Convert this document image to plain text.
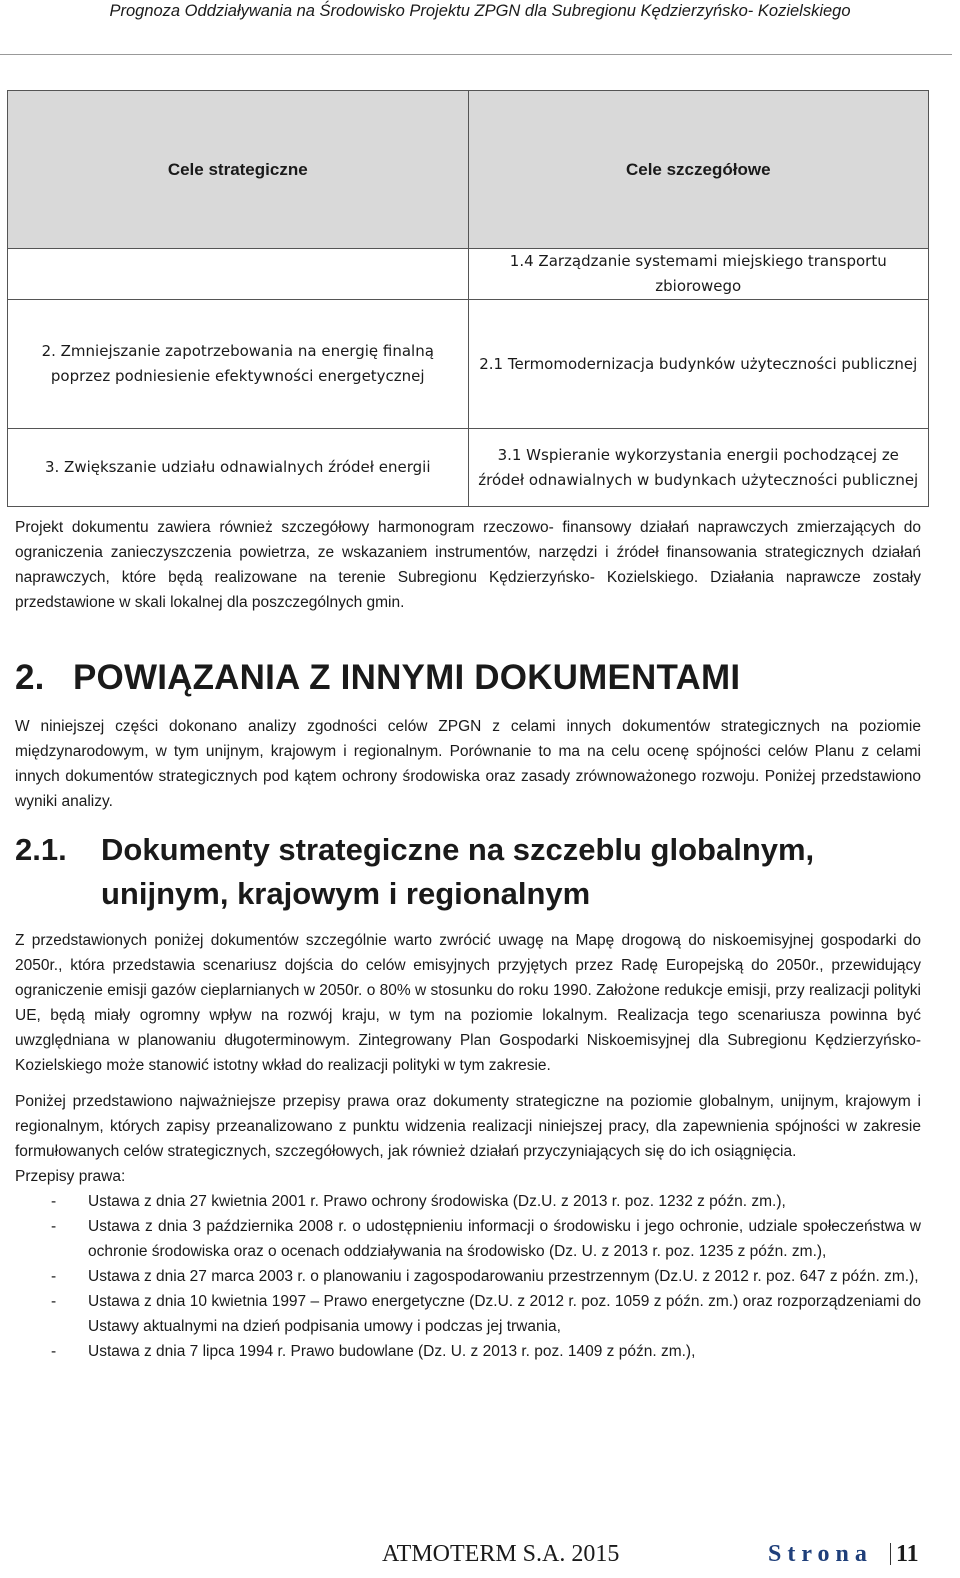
Prognoza Oddziaływania na Środowisko Projektu ZPGN dla Subregionu Kędzierzyńsko- Kozielskiego
Cele strategiczne	Cele szczegółowe
	1.4 Zarządzanie systemami miejskiego transportu zbiorowego
2. Zmniejszanie zapotrzebowania na energię finalną poprzez podniesienie efektywności energetycznej	2.1 Termomodernizacja budynków użyteczności publicznej
3. Zwiększanie udziału odnawialnych źródeł energii	3.1 Wspieranie wykorzystania energii pochodzącej ze źródeł odnawialnych w budynkach użyteczności publicznej

Projekt dokumentu zawiera również szczegółowy harmonogram rzeczowo- finansowy działań naprawczych zmierzających do ograniczenia zanieczyszczenia powietrza, ze wskazaniem instrumentów, narzędzi i źródeł finansowania strategicznych działań naprawczych, które będą realizowane na terenie Subregionu Kędzierzyńsko- Kozielskiego. Działania naprawcze zostały przedstawione w skali lokalnej dla poszczególnych gmin.

2. POWIĄZANIA Z INNYMI DOKUMENTAMI

W niniejszej części dokonano analizy zgodności celów ZPGN z celami innych dokumentów strategicznych na poziomie międzynarodowym, w tym unijnym, krajowym i regionalnym. Porównanie to ma na celu ocenę spójności celów Planu z celami innych dokumentów strategicznych pod kątem ochrony środowiska oraz zasady zrównoważonego rozwoju. Poniżej przedstawiono wyniki analizy.

2.1. Dokumenty strategiczne na szczeblu globalnym, unijnym, krajowym i regionalnym

Z przedstawionych poniżej dokumentów szczególnie warto zwrócić uwagę na Mapę drogową do niskoemisyjnej gospodarki do 2050r., która przedstawia scenariusz dojścia do celów emisyjnych przyjętych przez Radę Europejską do 2050r., przewidujący ograniczenie emisji gazów cieplarnianych w 2050r. o 80% w stosunku do roku 1990. Założone redukcje emisji, przy realizacji polityki UE, będą miały ogromny wpływ na rozwój kraju, w tym na poziomie lokalnym. Realizacja tego scenariusza powinna być uwzględniana w planowaniu długoterminowym. Zintegrowany Plan Gospodarki Niskoemisyjnej dla Subregionu Kędzierzyńsko-Kozielskiego może stanowić istotny wkład do realizacji polityki w tym zakresie.

Poniżej przedstawiono najważniejsze przepisy prawa oraz dokumenty strategiczne na poziomie globalnym, unijnym, krajowym i regionalnym, których zapisy przeanalizowano z punktu widzenia realizacji niniejszej pracy, dla zapewnienia spójności w zakresie formułowanych celów strategicznych, szczegółowych, jak również działań przyczyniających się do ich osiągnięcia.

Przepisy prawa:

- Ustawa z dnia 27 kwietnia 2001 r. Prawo ochrony środowiska (Dz.U. z 2013 r. poz. 1232 z późn. zm.),
- Ustawa z dnia 3 października 2008 r. o udostępnieniu informacji o środowisku i jego ochronie, udziale społeczeństwa w ochronie środowiska oraz o ocenach oddziaływania na środowisko (Dz. U. z 2013 r. poz. 1235 z późn. zm.),
- Ustawa z dnia 27 marca 2003 r. o planowaniu i zagospodarowaniu przestrzennym (Dz.U. z 2012 r. poz. 647 z późn. zm.),
- Ustawa z dnia 10 kwietnia 1997 – Prawo energetyczne (Dz.U. z 2012 r. poz. 1059 z późn. zm.) oraz rozporządzeniami do Ustawy aktualnymi na dzień podpisania umowy i podczas jej trwania,
- Ustawa z dnia 7 lipca 1994 r. Prawo budowlane (Dz. U. z 2013 r. poz. 1409 z późn. zm.),
ATMOTERM S.A. 2015	Strona 11
